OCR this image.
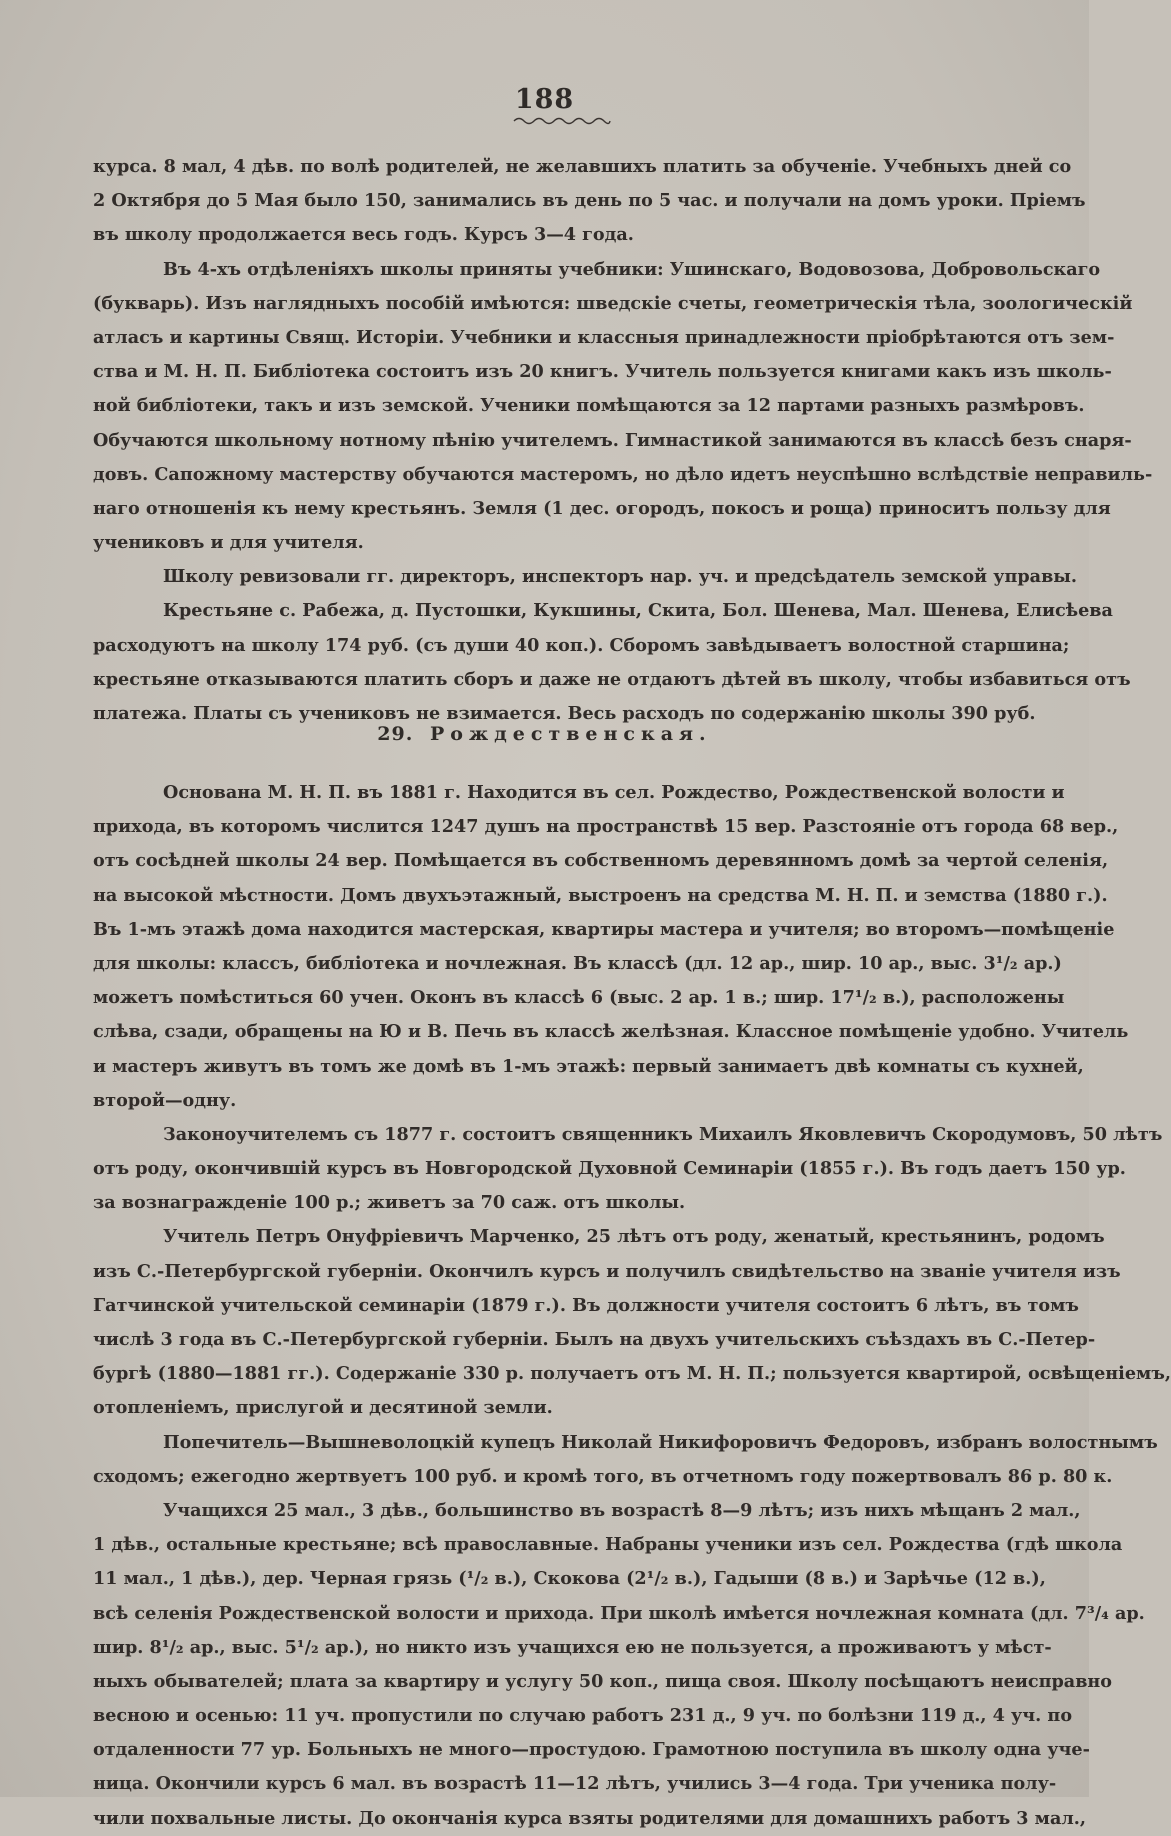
188
курса. 8 мал, 4 дѣв. по волѣ родителей, не желавшихъ платить за обученіе. Учебныхъ дней со
2 Октября до 5 Мая было 150, занимались въ день по 5 час. и получали на домъ уроки. Пріемъ
въ школу продолжается весь годъ. Курсъ 3—4 года.
Въ 4-хъ отдѣленіяхъ школы приняты учебники: Ушинскаго, Водовозова, Добровольскаго
(букварь). Изъ наглядныхъ пособій имѣются: шведскіе счеты, геометрическія тѣла, зоологическій
атласъ и картины Свящ. Исторіи. Учебники и классныя принадлежности пріобрѣтаются отъ зем-
ства и М. Н. П. Библіотека состоитъ изъ 20 книгъ. Учитель пользуется книгами какъ изъ школь-
ной библіотеки, такъ и изъ земской. Ученики помѣщаются за 12 партами разныхъ размѣровъ.
Обучаются школьному нотному пѣнію учителемъ. Гимнастикой занимаются въ классѣ безъ снаря-
довъ. Сапожному мастерству обучаются мастеромъ, но дѣло идетъ неуспѣшно вслѣдствіе неправиль-
наго отношенія къ нему крестьянъ. Земля (1 дес. огородъ, покосъ и роща) приноситъ пользу для
учениковъ и для учителя.
Школу ревизовали гг. директоръ, инспекторъ нар. уч. и предсѣдатель земской управы.
Крестьяне с. Рабежа, д. Пустошки, Кукшины, Скита, Бол. Шенева, Мал. Шенева, Елисѣева
расходуютъ на школу 174 руб. (съ души 40 коп.). Сборомъ завѣдываетъ волостной старшина;
крестьяне отказываются платить сборъ и даже не отдаютъ дѣтей въ школу, чтобы избавиться отъ
платежа. Платы съ учениковъ не взимается. Весь расходъ по содержанію школы 390 руб.
29. Рождественская.
Основана М. Н. П. въ 1881 г. Находится въ сел. Рождество, Рождественской волости и
прихода, въ которомъ числится 1247 душъ на пространствѣ 15 вер. Разстояніе отъ города 68 вер.,
отъ сосѣдней школы 24 вер. Помѣщается въ собственномъ деревянномъ домѣ за чертой селенія,
на высокой мѣстности. Домъ двухъэтажный, выстроенъ на средства М. Н. П. и земства (1880 г.).
Въ 1-мъ этажѣ дома находится мастерская, квартиры мастера и учителя; во второмъ—помѣщеніе
для школы: классъ, библіотека и ночлежная. Въ классѣ (дл. 12 ар., шир. 10 ар., выс. 3¹/₂ ар.)
можетъ помѣститься 60 учен. Оконъ въ классѣ 6 (выс. 2 ар. 1 в.; шир. 17¹/₂ в.), расположены
слѣва, сзади, обращены на Ю и В. Печь въ классѣ желѣзная. Классное помѣщеніе удобно. Учитель
и мастеръ живутъ въ томъ же домѣ въ 1-мъ этажѣ: первый занимаетъ двѣ комнаты съ кухней,
второй—одну.
Законоучителемъ съ 1877 г. состоитъ священникъ Михаилъ Яковлевичъ Скородумовъ, 50 лѣтъ
отъ роду, окончившій курсъ въ Новгородской Духовной Семинаріи (1855 г.). Въ годъ даетъ 150 ур.
за вознагражденіе 100 р.; живетъ за 70 саж. отъ школы.
Учитель Петръ Онуфріевичъ Марченко, 25 лѣтъ отъ роду, женатый, крестьянинъ, родомъ
изъ С.-Петербургской губерніи. Окончилъ курсъ и получилъ свидѣтельство на званіе учителя изъ
Гатчинской учительской семинаріи (1879 г.). Въ должности учителя состоитъ 6 лѣтъ, въ томъ
числѣ 3 года въ С.-Петербургской губерніи. Былъ на двухъ учительскихъ съѣздахъ въ С.-Петер-
бургѣ (1880—1881 гг.). Содержаніе 330 р. получаетъ отъ М. Н. П.; пользуется квартирой, освѣщеніемъ,
отопленіемъ, прислугой и десятиной земли.
Попечитель—Вышневолоцкій купецъ Николай Никифоровичъ Федоровъ, избранъ волостнымъ
сходомъ; ежегодно жертвуетъ 100 руб. и кромѣ того, въ отчетномъ году пожертвовалъ 86 р. 80 к.
Учащихся 25 мал., 3 дѣв., большинство въ возрастѣ 8—9 лѣтъ; изъ нихъ мѣщанъ 2 мал.,
1 дѣв., остальные крестьяне; всѣ православные. Набраны ученики изъ сел. Рождества (гдѣ школа
11 мал., 1 дѣв.), дер. Черная грязь (¹/₂ в.), Скокова (2¹/₂ в.), Гадыши (8 в.) и Зарѣчье (12 в.),
всѣ селенія Рождественской волости и прихода. При школѣ имѣется ночлежная комната (дл. 7³/₄ ар.
шир. 8¹/₂ ар., выс. 5¹/₂ ар.), но никто изъ учащихся ею не пользуется, а проживаютъ у мѣст-
ныхъ обывателей; плата за квартиру и услугу 50 коп., пища своя. Школу посѣщаютъ неисправно
весною и осенью: 11 уч. пропустили по случаю работъ 231 д., 9 уч. по болѣзни 119 д., 4 уч. по
отдаленности 77 ур. Больныхъ не много—простудою. Грамотною поступила въ школу одна уче-
ница. Окончили курсъ 6 мал. въ возрастѣ 11—12 лѣтъ, учились 3—4 года. Три ученика полу-
чили похвальные листы. До окончанія курса взяты родителями для домашнихъ работъ 3 мал.,
